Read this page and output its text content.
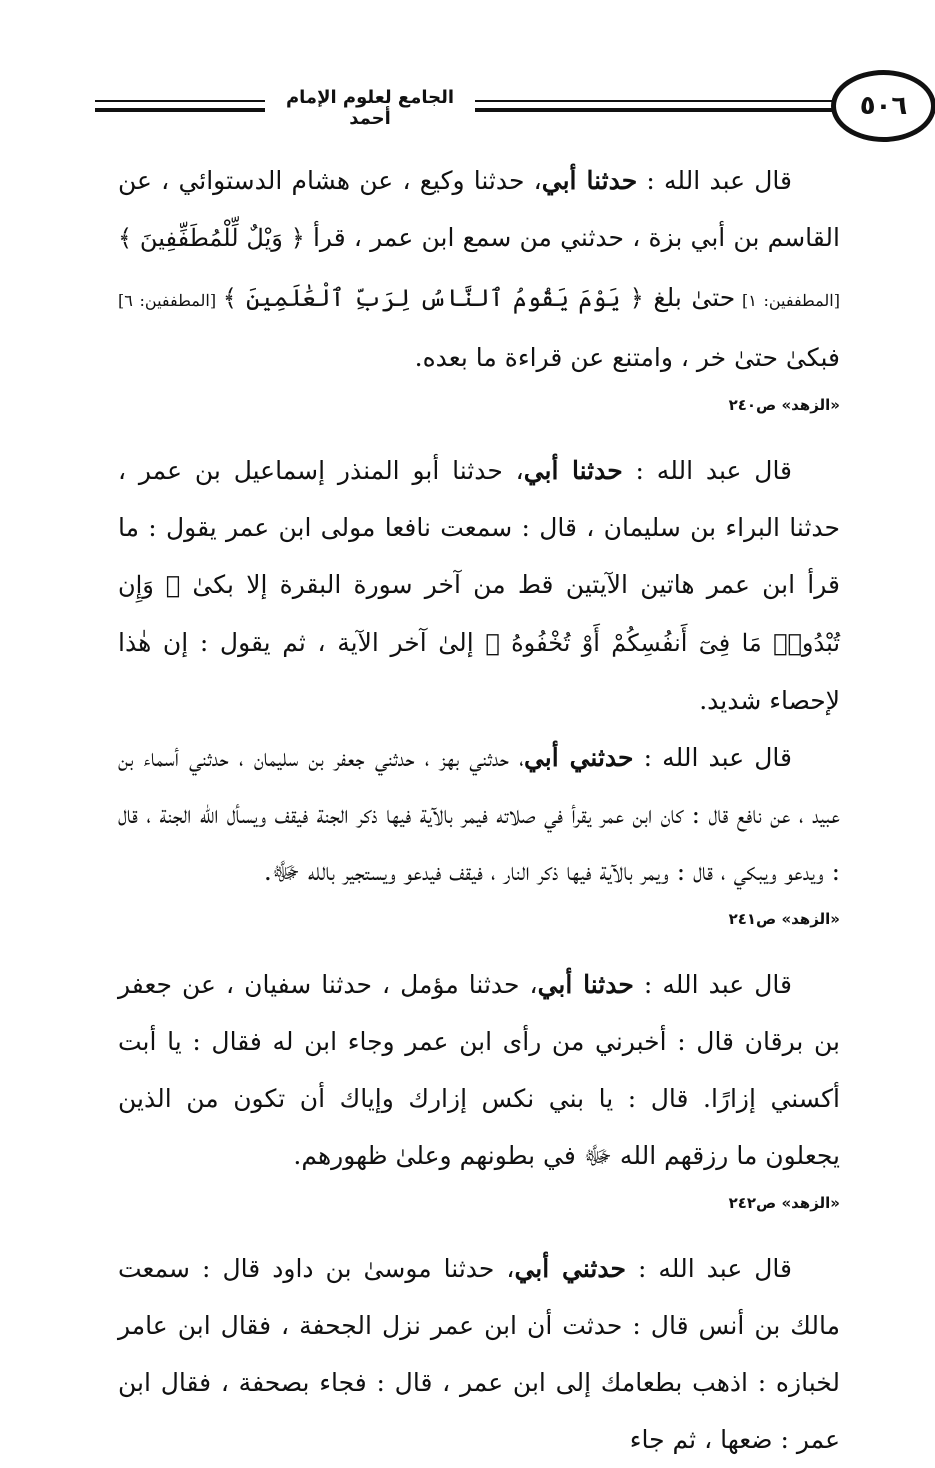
الجامع لعلوم الإمام أحمد	٥٠٦

قال عبد الله : حدثنا أبي، حدثنا وكيع ، عن هشام الدستوائي ، عن القاسم بن أبي بزة ، حدثني من سمع ابن عمر ، قرأ ﴿ وَيْلٌ لِّلْمُطَفِّفِينَ ﴾ [المطففين: ١] حتىٰ بلغ ﴿ يَوْمَ يَقُومُ ٱلنَّاسُ لِرَبِّ ٱلْعَٰلَمِينَ ﴾ [المطففين: ٦] فبكىٰ حتىٰ خر ، وامتنع عن قراءة ما بعده.

«الزهد» ص٢٤٠

قال عبد الله : حدثنا أبي، حدثنا أبو المنذر إسماعيل بن عمر ، حدثنا البراء بن سليمان ، قال : سمعت نافعا مولى ابن عمر يقول : ما قرأ ابن عمر هاتين الآيتين قط من آخر سورة البقرة إلا بكىٰ ﴿ وَإِن تُبْدُوا۟ مَا فِىٓ أَنفُسِكُمْ أَوْ تُخْفُوهُ ﴾ إلىٰ آخر الآية ، ثم يقول : إن هٰذا لإحصاء شديد.

قال عبد الله : حدثني أبي، حدثني بهز ، حدثني جعفر بن سليمان ، حدثني أسماء بن عبيد ، عن نافع قال : كان ابن عمر يقرأ في صلاته فيمر بالآية فيها ذكر الجنة فيقف ويسأل الله الجنة ، قال : ويدعو ويبكي ، قال : ويمر بالآية فيها ذكر النار ، فيقف فيدعو ويستجير بالله ﷻ.

«الزهد» ص٢٤١

قال عبد الله : حدثنا أبي، حدثنا مؤمل ، حدثنا سفيان ، عن جعفر بن برقان قال : أخبرني من رأى ابن عمر وجاء ابن له فقال : يا أبت أكسني إزارًا. قال : يا بني نكس إزارك وإياك أن تكون من الذين يجعلون ما رزقهم الله ﷻ في بطونهم وعلىٰ ظهورهم.

«الزهد» ص٢٤٢

قال عبد الله : حدثني أبي، حدثنا موسىٰ بن داود قال : سمعت مالك بن أنس قال : حدثت أن ابن عمر نزل الجحفة ، فقال ابن عامر لخبازه : اذهب بطعامك إلى ابن عمر ، قال : فجاء بصحفة ، فقال ابن عمر : ضعها ، ثم جاء
